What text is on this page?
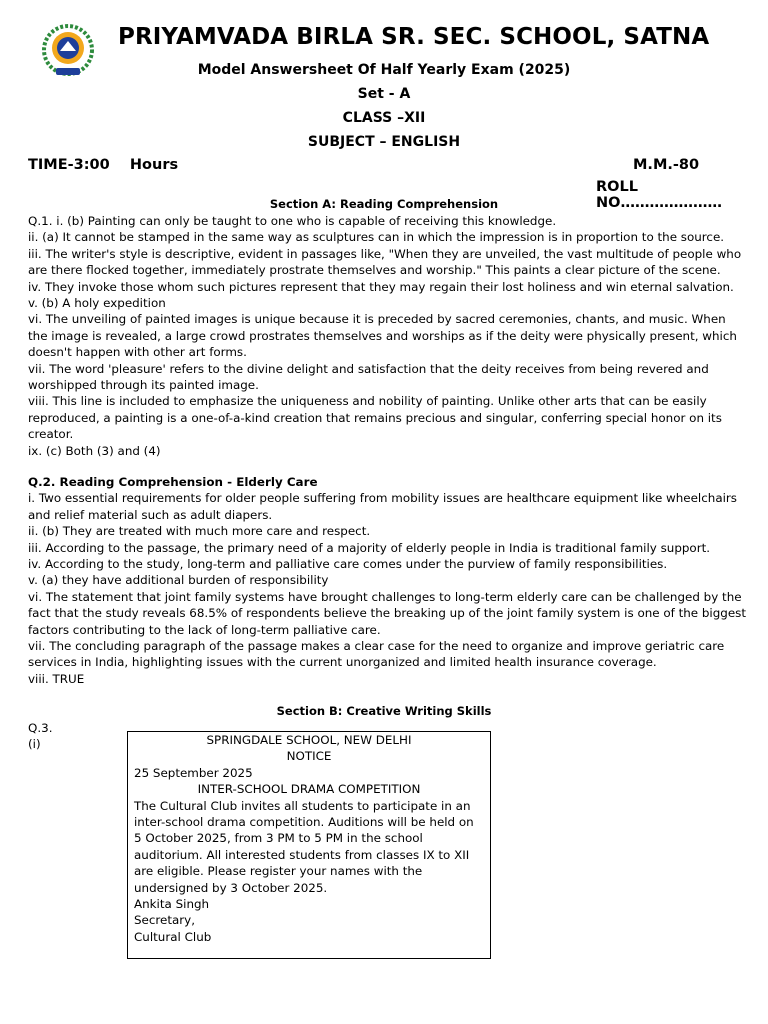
PRIYAMVADA BIRLA SR. SEC. SCHOOL, SATNA
Model Answersheet Of Half Yearly Exam (2025)
Set - A
CLASS –XII
SUBJECT – ENGLISH
TIME-3:00    Hours	M.M.-80
ROLL NO…………………
Section A: Reading Comprehension
Q.1. i. (b) Painting can only be taught to one who is capable of receiving this knowledge.
ii. (a) It cannot be stamped in the same way as sculptures can in which the impression is in proportion to the source.
iii. The writer's style is descriptive, evident in passages like, "When they are unveiled, the vast multitude of people who are there flocked together, immediately prostrate themselves and worship." This paints a clear picture of the scene.
iv. They invoke those whom such pictures represent that they may regain their lost holiness and win eternal salvation.
v. (b) A holy expedition
vi. The unveiling of painted images is unique because it is preceded by sacred ceremonies, chants, and music. When the image is revealed, a large crowd prostrates themselves and worships as if the deity were physically present, which doesn't happen with other art forms.
vii. The word 'pleasure' refers to the divine delight and satisfaction that the deity receives from being revered and worshipped through its painted image.
viii. This line is included to emphasize the uniqueness and nobility of painting. Unlike other arts that can be easily reproduced, a painting is a one-of-a-kind creation that remains precious and singular, conferring special honor on its creator.
ix. (c) Both (3) and (4)
Q.2. Reading Comprehension - Elderly Care
i. Two essential requirements for older people suffering from mobility issues are healthcare equipment like wheelchairs and relief material such as adult diapers.
ii. (b) They are treated with much more care and respect.
iii. According to the passage, the primary need of a majority of elderly people in India is traditional family support.
iv. According to the study, long-term and palliative care comes under the purview of family responsibilities.
v. (a) they have additional burden of responsibility
vi. The statement that joint family systems have brought challenges to long-term elderly care can be challenged by the fact that the study reveals 68.5% of respondents believe the breaking up of the joint family system is one of the biggest factors contributing to the lack of long-term palliative care.
vii. The concluding paragraph of the passage makes a clear case for the need to organize and improve geriatric care services in India, highlighting issues with the current unorganized and limited health insurance coverage.
viii. TRUE
Section B: Creative Writing Skills
Q.3.
(i)	SPRINGDALE SCHOOL, NEW DELHI
NOTICE
25 September 2025
INTER-SCHOOL DRAMA COMPETITION
The Cultural Club invites all students to participate in an inter-school drama competition. Auditions will be held on 5 October 2025, from 3 PM to 5 PM in the school auditorium. All interested students from classes IX to XII are eligible. Please register your names with the undersigned by 3 October 2025.
Ankita Singh
Secretary,
Cultural Club
